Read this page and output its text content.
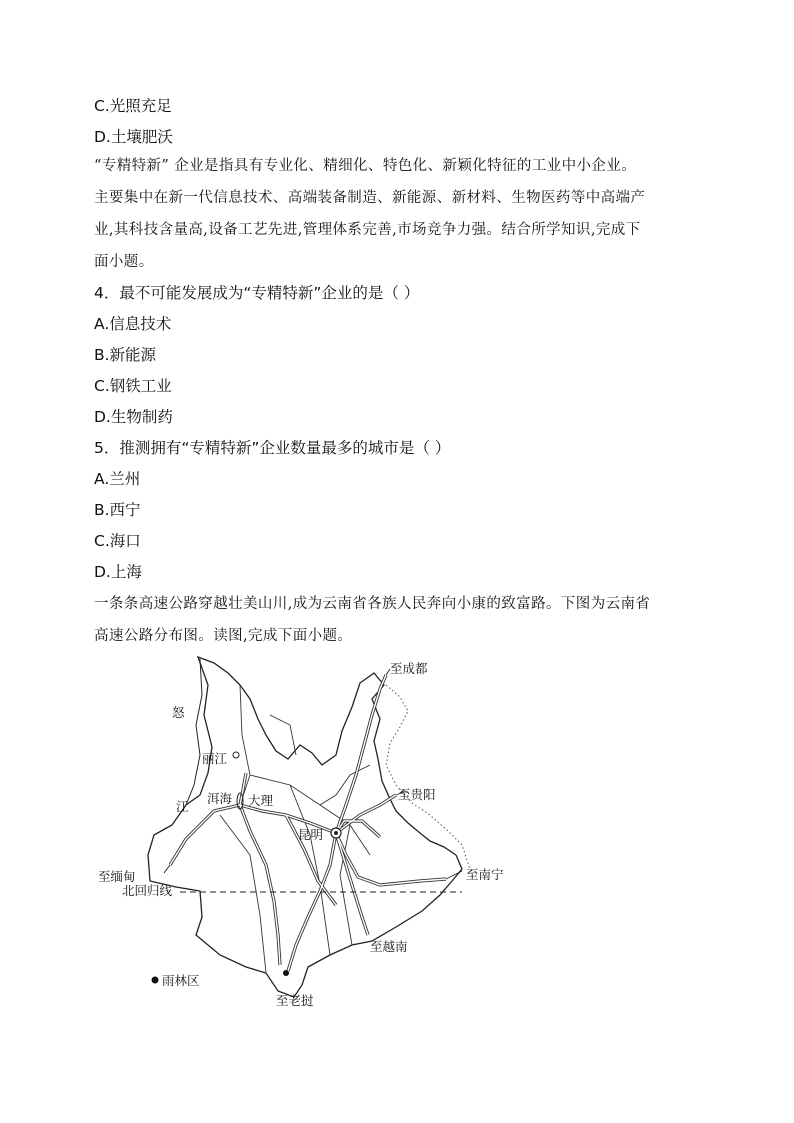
C.光照充足
D.土壤肥沃
“专精特新” 企业是指具有专业化、精细化、特色化、新颖化特征的工业中小企业。
主要集中在新一代信息技术、高端装备制造、新能源、新材料、生物医药等中高端产
业,其科技含量高,设备工艺先进,管理体系完善,市场竞争力强。结合所学知识,完成下
面小题。
4．最不可能发展成为“专精特新”企业的是（ ）
A.信息技术
B.新能源
C.钢铁工业
D.生物制药
5．推测拥有“专精特新”企业数量最多的城市是（ ）
A.兰州
B.西宁
C.海口
D.上海
一条条高速公路穿越壮美山川,成为云南省各族人民奔向小康的致富路。下图为云南省
高速公路分布图。读图,完成下面小题。
至成都
怒
丽江
江
洱海 大理	至贵阳
昆明
至缅甸
北回归线
至南宁
至越南
雨林区
至老挝
